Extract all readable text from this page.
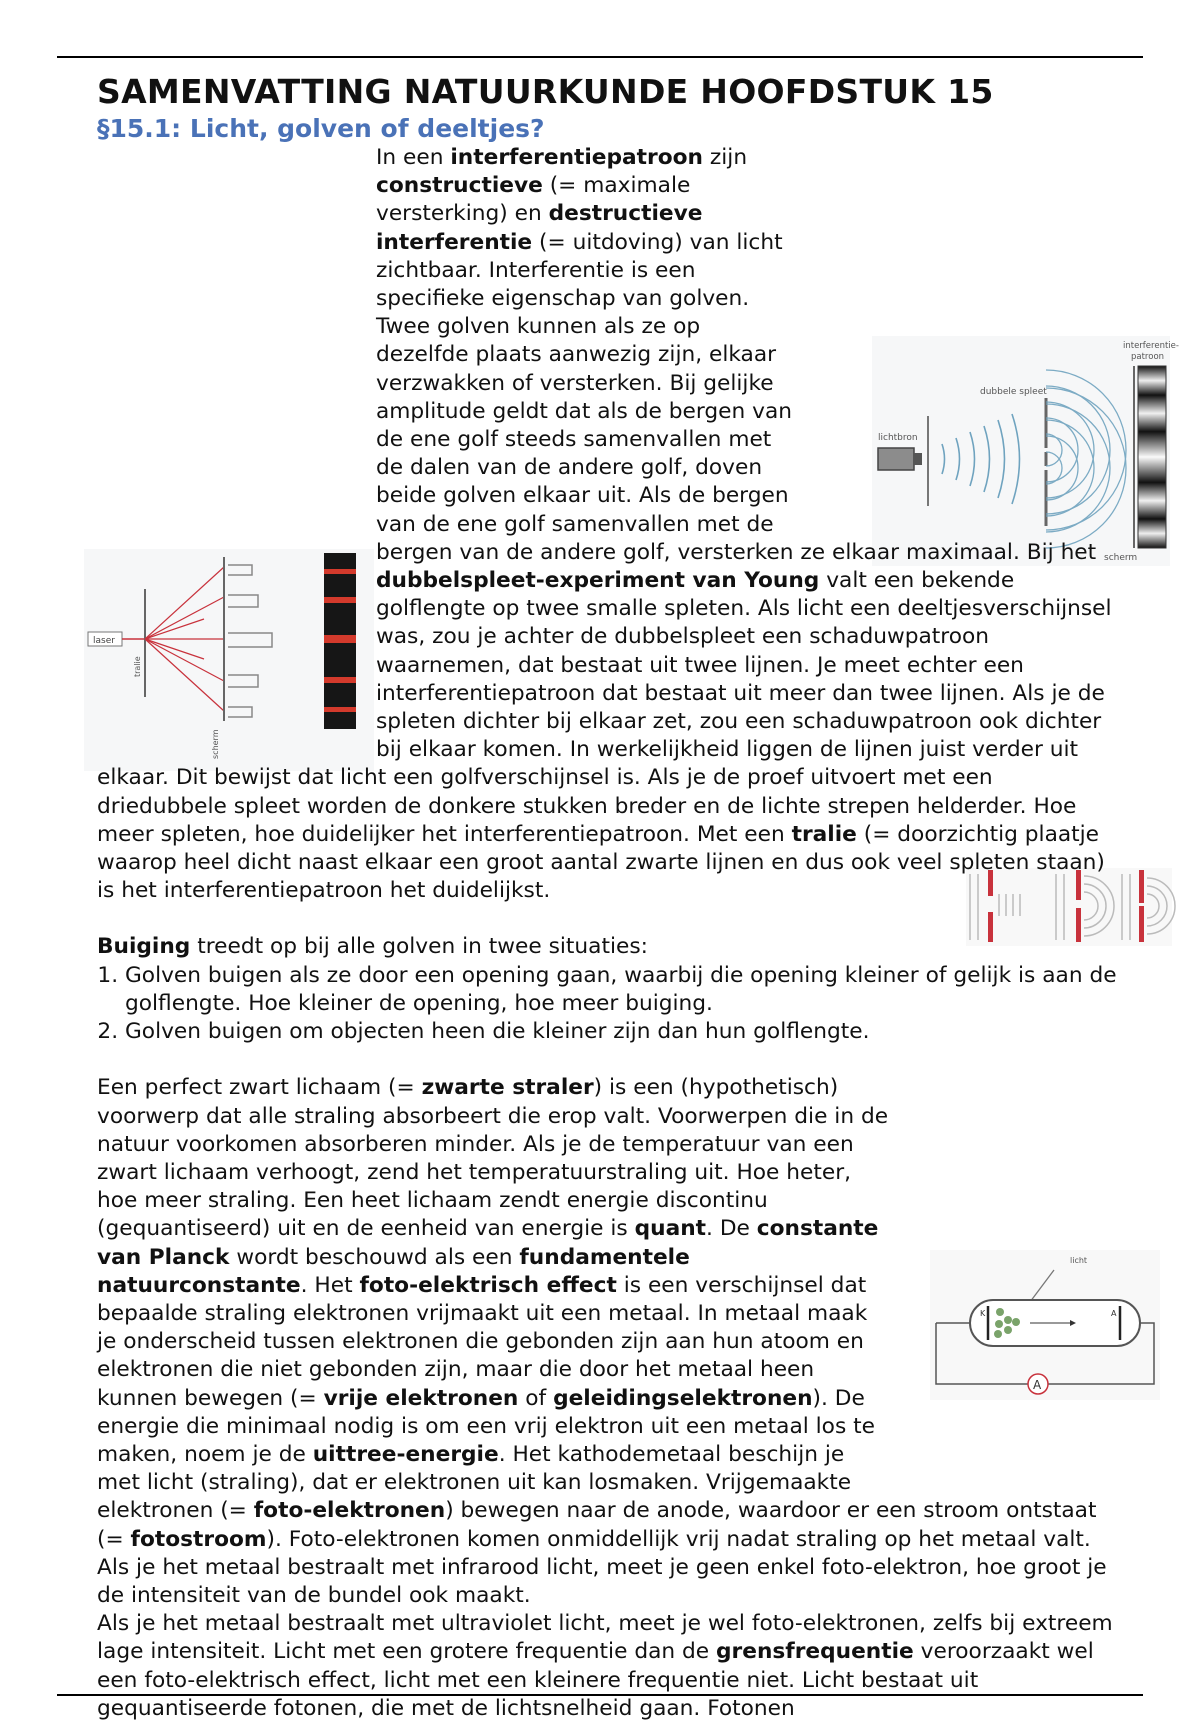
lichtbron
dubbele spleet
interferentie-
patroon
scherm
laser
tralie
scherm
licht
K	A
A
SAMENVATTING NATUURKUNDE HOOFDSTUK 15
§15.1: Licht, golven of deeltjes?

In een interferentiepatroon zijn constructieve (= maximale versterking) en destructieve interferentie (= uitdoving) van licht zichtbaar. Interferentie is een specifieke eigenschap van golven. Twee golven kunnen als ze op dezelfde plaats aanwezig zijn, elkaar verzwakken of versterken. Bij gelijke amplitude geldt dat als de bergen van de ene golf steeds samenvallen met de dalen van de andere golf, doven beide golven elkaar uit. Als de bergen van de ene golf samenvallen met de bergen van de andere golf, versterken ze elkaar maximaal. Bij het dubbelspleet-experiment van Young valt een bekende golflengte op twee smalle spleten. Als licht een deeltjesverschijnsel was, zou je achter de dubbelspleet een schaduwpatroon waarnemen, dat bestaat uit twee lijnen. Je meet echter een interferentiepatroon dat bestaat uit meer dan twee lijnen. Als je de spleten dichter bij elkaar zet, zou een schaduwpatroon ook dichter bij elkaar komen. In werkelijkheid liggen de lijnen juist verder uit elkaar. Dit bewijst dat licht een golfverschijnsel is. Als je de proef uitvoert met een driedubbele spleet worden de donkere stukken breder en de lichte strepen helderder. Hoe meer spleten, hoe duidelijker het interferentiepatroon. Met een tralie (= doorzichtig plaatje waarop heel dicht naast elkaar een groot aantal zwarte lijnen en dus ook veel spleten staan) is het interferentiepatroon het duidelijkst.

Buiging treedt op bij alle golven in twee situaties:

1. Golven buigen als ze door een opening gaan, waarbij die opening kleiner of gelijk is aan de golflengte. Hoe kleiner de opening, hoe meer buiging.
2. Golven buigen om objecten heen die kleiner zijn dan hun golflengte.

Een perfect zwart lichaam (= zwarte straler) is een (hypothetisch) voorwerp dat alle straling absorbeert die erop valt. Voorwerpen die in de natuur voorkomen absorberen minder. Als je de temperatuur van een zwart lichaam verhoogt, zend het temperatuurstraling uit. Hoe heter, hoe meer straling. Een heet lichaam zendt energie discontinu (gequantiseerd) uit en de eenheid van energie is quant. De constante van Planck wordt beschouwd als een fundamentele natuurconstante. Het foto-elektrisch effect is een verschijnsel dat bepaalde straling elektronen vrijmaakt uit een metaal. In metaal maak je onderscheid tussen elektronen die gebonden zijn aan hun atoom en elektronen die niet gebonden zijn, maar die door het metaal heen kunnen bewegen (= vrije elektronen of geleidingselektronen). De energie die minimaal nodig is om een vrij elektron uit een metaal los te maken, noem je de uittree-energie. Het kathodemetaal beschijn je met licht (straling), dat er elektronen uit kan losmaken. Vrijgemaakte elektronen (= foto-elektronen) bewegen naar de anode, waardoor er een stroom ontstaat (= fotostroom). Foto-elektronen komen onmiddellijk vrij nadat straling op het metaal valt. Als je het metaal bestraalt met infrarood licht, meet je geen enkel foto-elektron, hoe groot je de intensiteit van de bundel ook maakt.

Als je het metaal bestraalt met ultraviolet licht, meet je wel foto-elektronen, zelfs bij extreem lage intensiteit. Licht met een grotere frequentie dan de grensfrequentie veroorzaakt wel een foto-elektrisch effect, licht met een kleinere frequentie niet. Licht bestaat uit gequantiseerde fotonen, die met de lichtsnelheid gaan. Fotonen
